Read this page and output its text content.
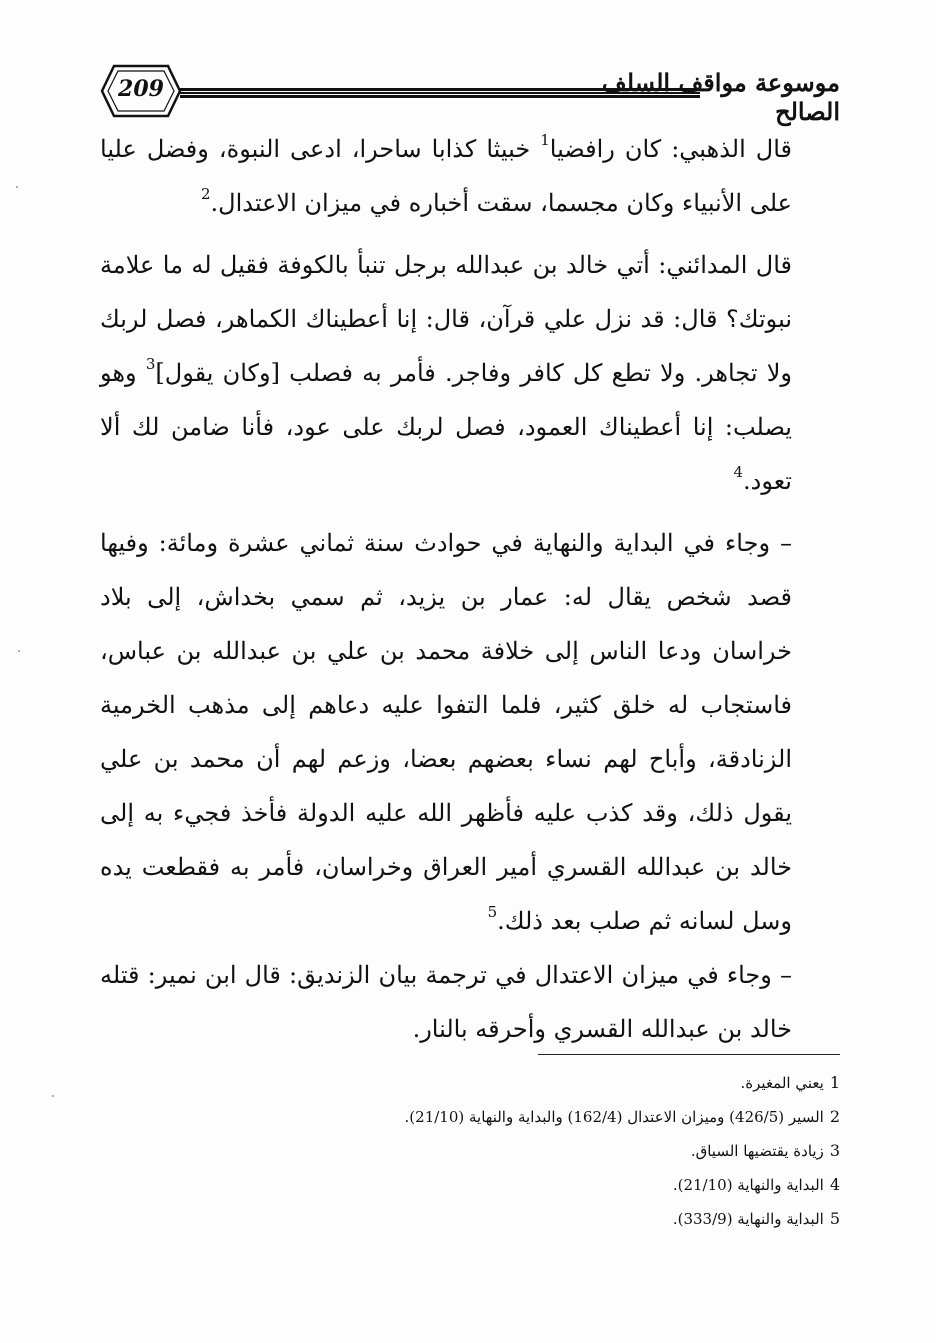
209	موسوعة مواقف السلف الصالح

قال الذهبي: كان رافضيا$^1$ خبيثا كذابا ساحرا، ادعى النبوة، وفضل عليا على الأنبياء وكان مجسما، سقت أخباره في ميزان الاعتدال.$^2$

قال المدائني: أتي خالد بن عبدالله برجل تنبأ بالكوفة فقيل له ما علامة نبوتك؟ قال: قد نزل علي قرآن، قال: إنا أعطيناك الكماهر، فصل لربك ولا تجاهر. ولا تطع كل كافر وفاجر. فأمر به فصلب [وكان يقول]$^3$ وهو يصلب: إنا أعطيناك العمود، فصل لربك على عود، فأنا ضامن لك ألا تعود.$^4$

– وجاء في البداية والنهاية في حوادث سنة ثماني عشرة ومائة: وفيها قصد شخص يقال له: عمار بن يزيد، ثم سمي بخداش، إلى بلاد خراسان ودعا الناس إلى خلافة محمد بن علي بن عبدالله بن عباس، فاستجاب له خلق كثير، فلما التفوا عليه دعاهم إلى مذهب الخرمية الزنادقة، وأباح لهم نساء بعضهم بعضا، وزعم لهم أن محمد بن علي يقول ذلك، وقد كذب عليه فأظهر الله عليه الدولة فأخذ فجيء به إلى خالد بن عبدالله القسري أمير العراق وخراسان، فأمر به فقطعت يده وسل لسانه ثم صلب بعد ذلك.$^5$

– وجاء في ميزان الاعتدال في ترجمة بيان الزنديق: قال ابن نمير: قتله خالد بن عبدالله القسري وأحرقه بالنار.

1يعني المغيرة.
2السير (426/5) وميزان الاعتدال (162/4) والبداية والنهاية (21/10).
3زيادة يقتضيها السياق.
4البداية والنهاية (21/10).
5البداية والنهاية (333/9).
